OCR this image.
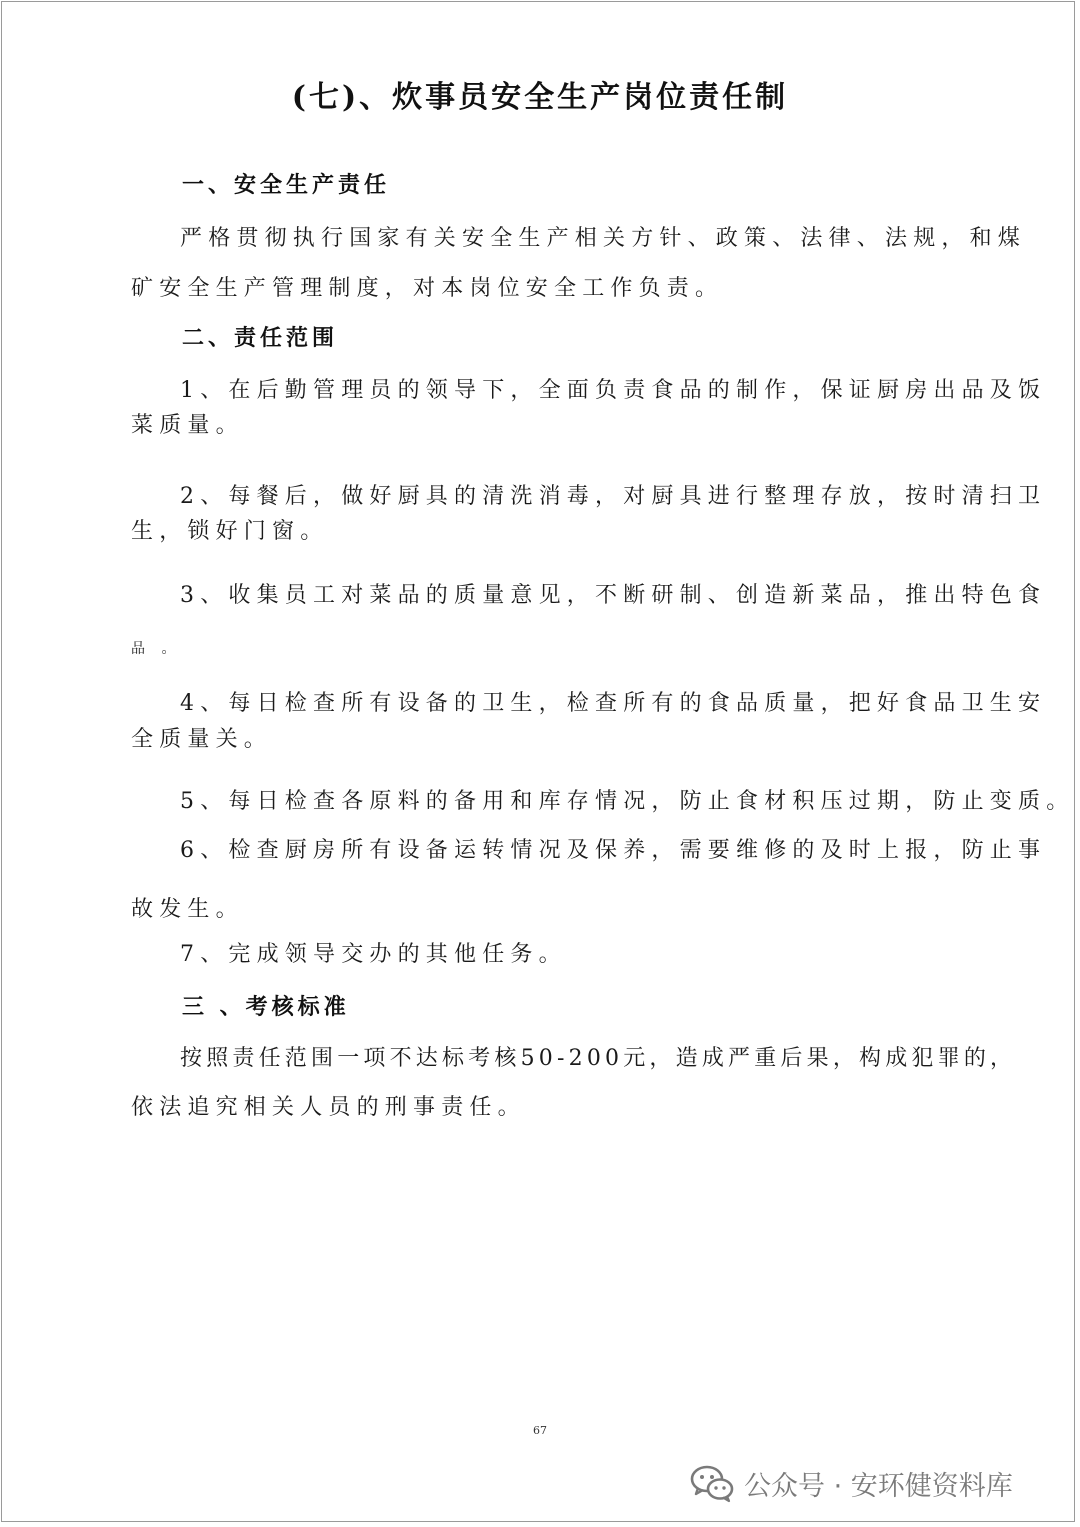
(七)、炊事员安全生产岗位责任制
一、安全生产责任
严格贯彻执行国家有关安全生产相关方针、政策、法律、法规，和煤
矿安全生产管理制度，对本岗位安全工作负责。
二、责任范围
1、在后勤管理员的领导下，全面负责食品的制作，保证厨房出品及饭
菜质量。
2、每餐后，做好厨具的清洗消毒，对厨具进行整理存放，按时清扫卫
生，锁好门窗。
3、收集员工对菜品的质量意见，不断研制、创造新菜品，推出特色食
品 。
4、每日检查所有设备的卫生，检查所有的食品质量，把好食品卫生安
全质量关。
5、每日检查各原料的备用和库存情况，防止食材积压过期，防止变质。
6、检查厨房所有设备运转情况及保养，需要维修的及时上报，防止事
故发生。
7、完成领导交办的其他任务。
三 、考核标准
按照责任范围一项不达标考核50-200元，造成严重后果，构成犯罪的，
依法追究相关人员的刑事责任。
67
公众号 · 安环健资料库
